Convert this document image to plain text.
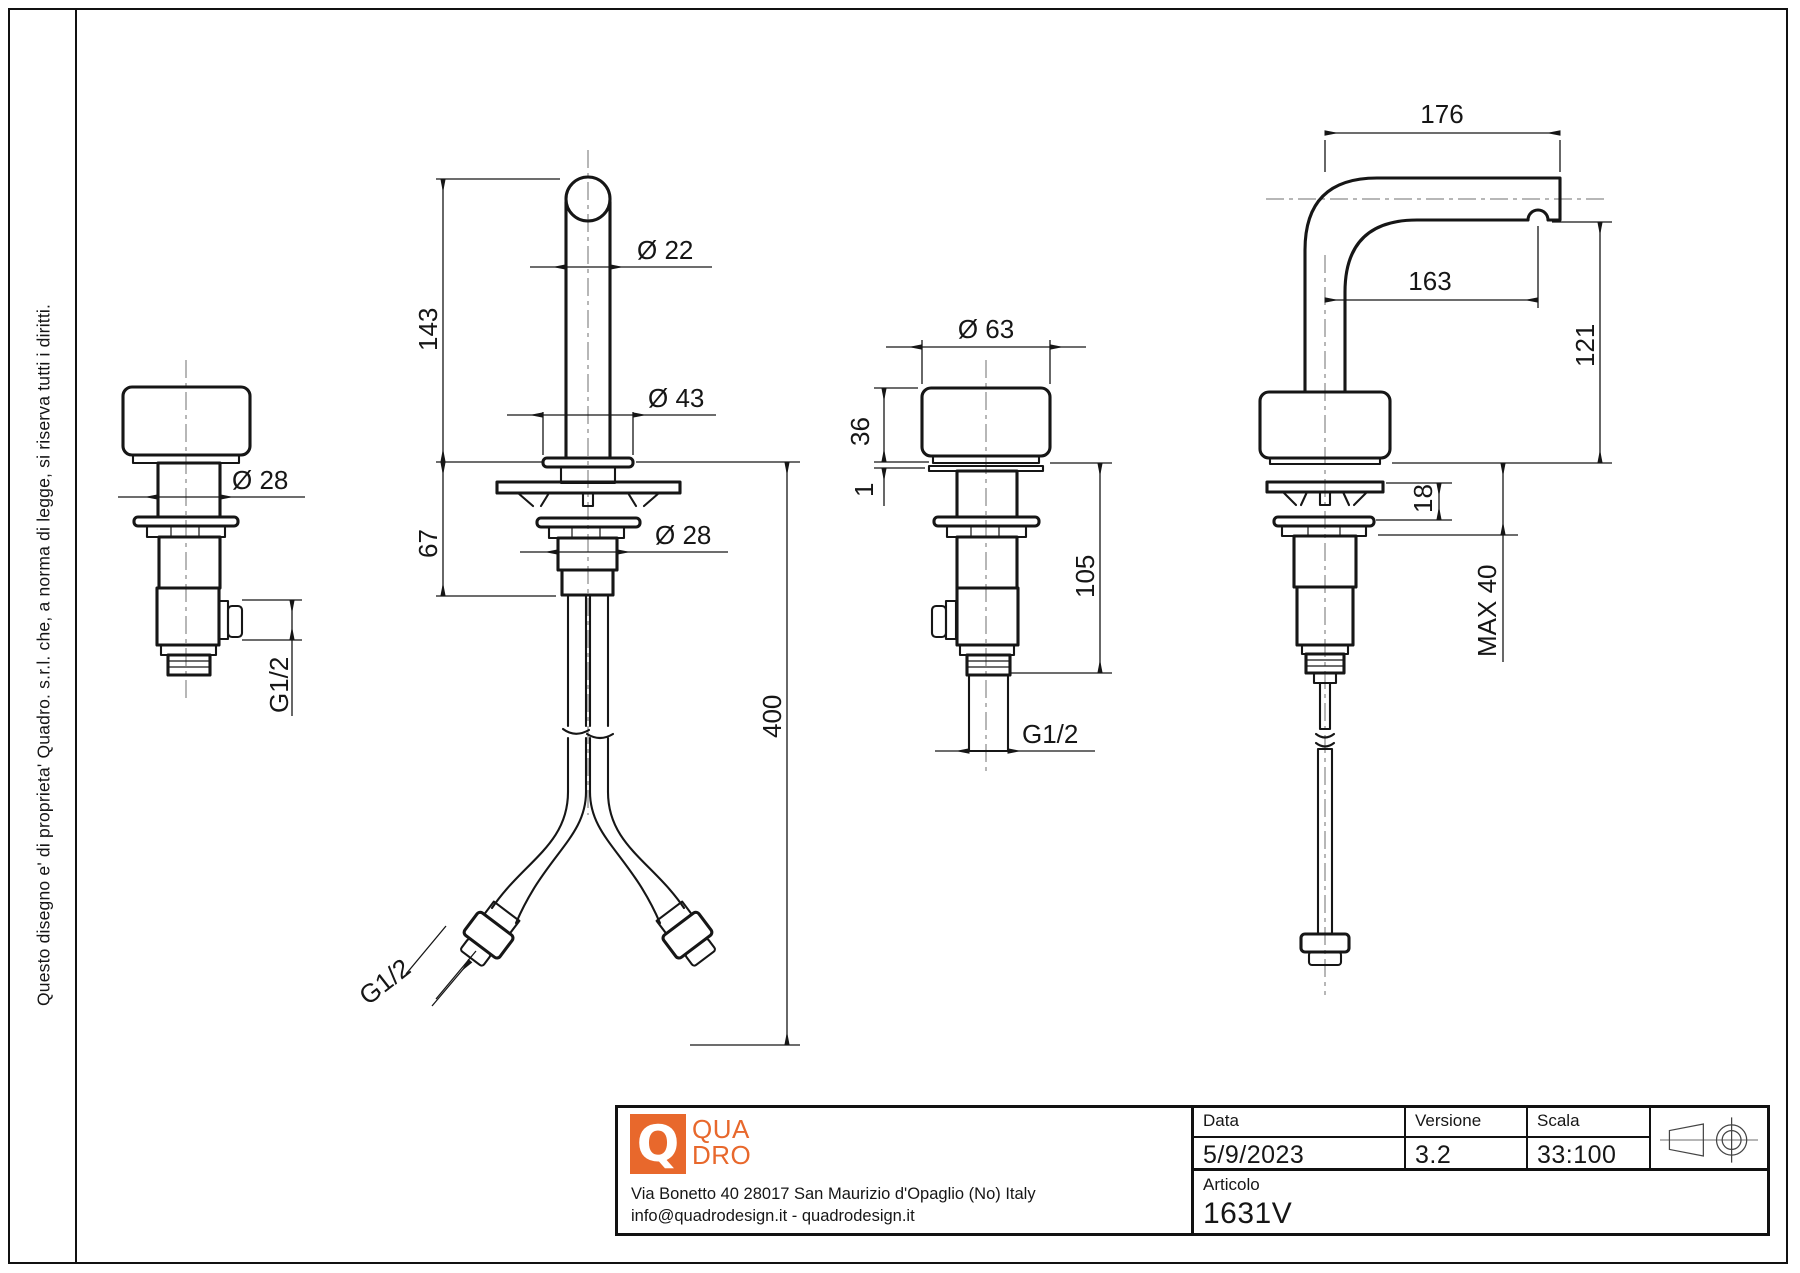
Questo disegno e' di proprieta' Quadro. s.r.l. che, a norma di legge, si riserva tutti i diritti.	Ø 28
G1/2
143
Ø 22
Ø 43
67	Ø 28
400
G1/2
Ø 63
36
1
105
G1/2
176
163
121
18
MAX 40
Q QUA
DRO
Via Bonetto 40 28017 San Maurizio d'Opaglio (No) Italy
info@quadrodesign.it - quadrodesign.it
Data	Versione	Scala
5/9/2023	3.2	33:100
Articolo
1631V
